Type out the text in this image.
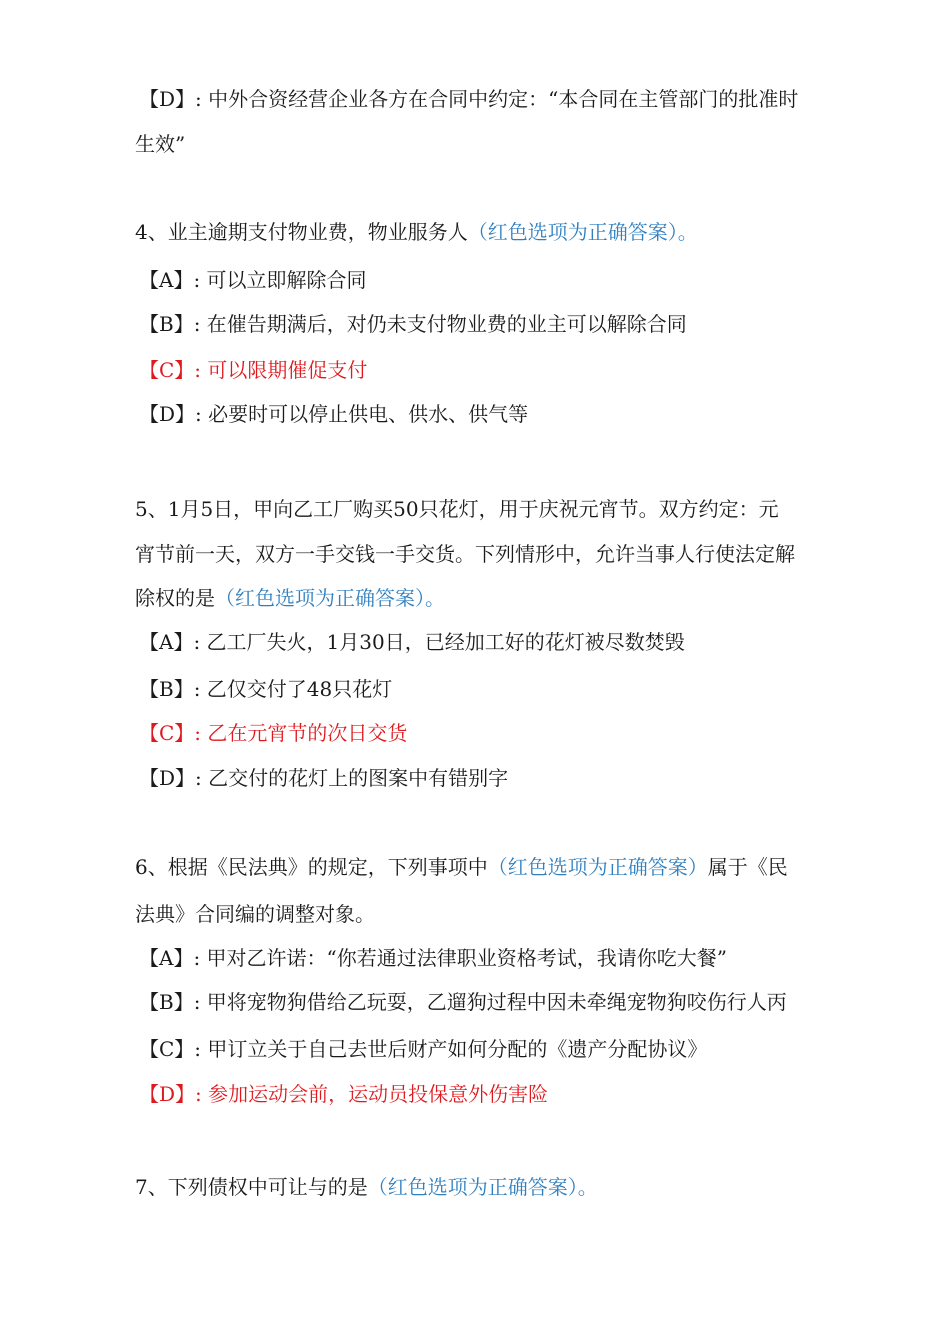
【D】: 中外合资经营企业各方在合同中约定：“本合同在主管部门的批准时
生效”
4、业主逾期支付物业费，物业服务人（红色选项为正确答案）。
【A】: 可以立即解除合同
【B】: 在催告期满后，对仍未支付物业费的业主可以解除合同
【C】: 可以限期催促支付
【D】: 必要时可以停止供电、供水、供气等
5、1月5日，甲向乙工厂购买50只花灯，用于庆祝元宵节。双方约定：元
宵节前一天，双方一手交钱一手交货。下列情形中，允许当事人行使法定解
除权的是（红色选项为正确答案）。
【A】: 乙工厂失火，1月30日，已经加工好的花灯被尽数焚毁
【B】: 乙仅交付了48只花灯
【C】: 乙在元宵节的次日交货
【D】: 乙交付的花灯上的图案中有错别字
6、根据《民法典》的规定，下列事项中（红色选项为正确答案）属于《民
法典》合同编的调整对象。
【A】: 甲对乙许诺：“你若通过法律职业资格考试，我请你吃大餐”
【B】: 甲将宠物狗借给乙玩耍，乙遛狗过程中因未牵绳宠物狗咬伤行人丙
【C】: 甲订立关于自己去世后财产如何分配的《遗产分配协议》
【D】: 参加运动会前，运动员投保意外伤害险
7、下列债权中可让与的是（红色选项为正确答案）。
